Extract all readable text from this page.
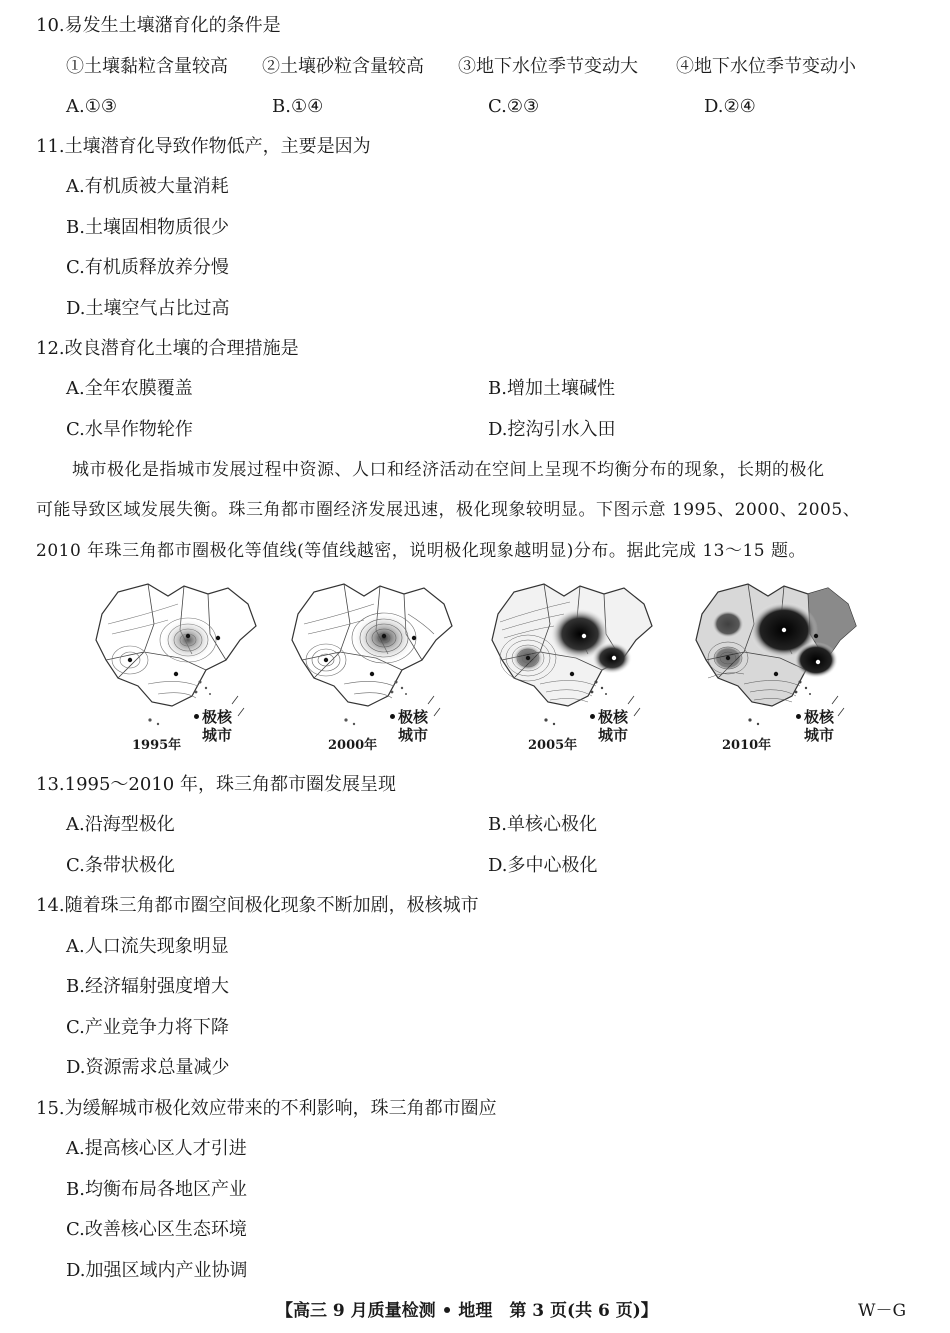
10.易发生土壤潴育化的条件是
①土壤黏粒含量较高 ②土壤砂粒含量较高 ③地下水位季节变动大 ④地下水位季节变动小
A.①③	B.①④	C.②③	D.②④
11.土壤潜育化导致作物低产，主要是因为
A.有机质被大量消耗
B.土壤固相物质很少
C.有机质释放养分慢
D.土壤空气占比过高
12.改良潜育化土壤的合理措施是
A.全年农膜覆盖	B.增加土壤碱性
C.水旱作物轮作	D.挖沟引水入田
城市极化是指城市发展过程中资源、人口和经济活动在空间上呈现不均衡分布的现象，长期的极化
可能导致区域发展失衡。珠三角都市圈经济发展迅速，极化现象较明显。下图示意 1995、2000、2005、
2010 年珠三角都市圈极化等值线(等值线越密，说明极化现象越明显)分布。据此完成 13～15 题。
1995年
极核城市
2000年
极核城市
2005年
极核城市
2010年
极核城市
13.1995～2010 年，珠三角都市圈发展呈现
A.沿海型极化	B.单核心极化
C.条带状极化	D.多中心极化
14.随着珠三角都市圈空间极化现象不断加剧，极核城市
A.人口流失现象明显
B.经济辐射强度增大
C.产业竞争力将下降
D.资源需求总量减少
15.为缓解城市极化效应带来的不利影响，珠三角都市圈应
A.提高核心区人才引进
B.均衡布局各地区产业
C.改善核心区生态环境
D.加强区域内产业协调
【高三 9 月质量检测 • 地理　第 3 页(共 6 页)】	W－G
